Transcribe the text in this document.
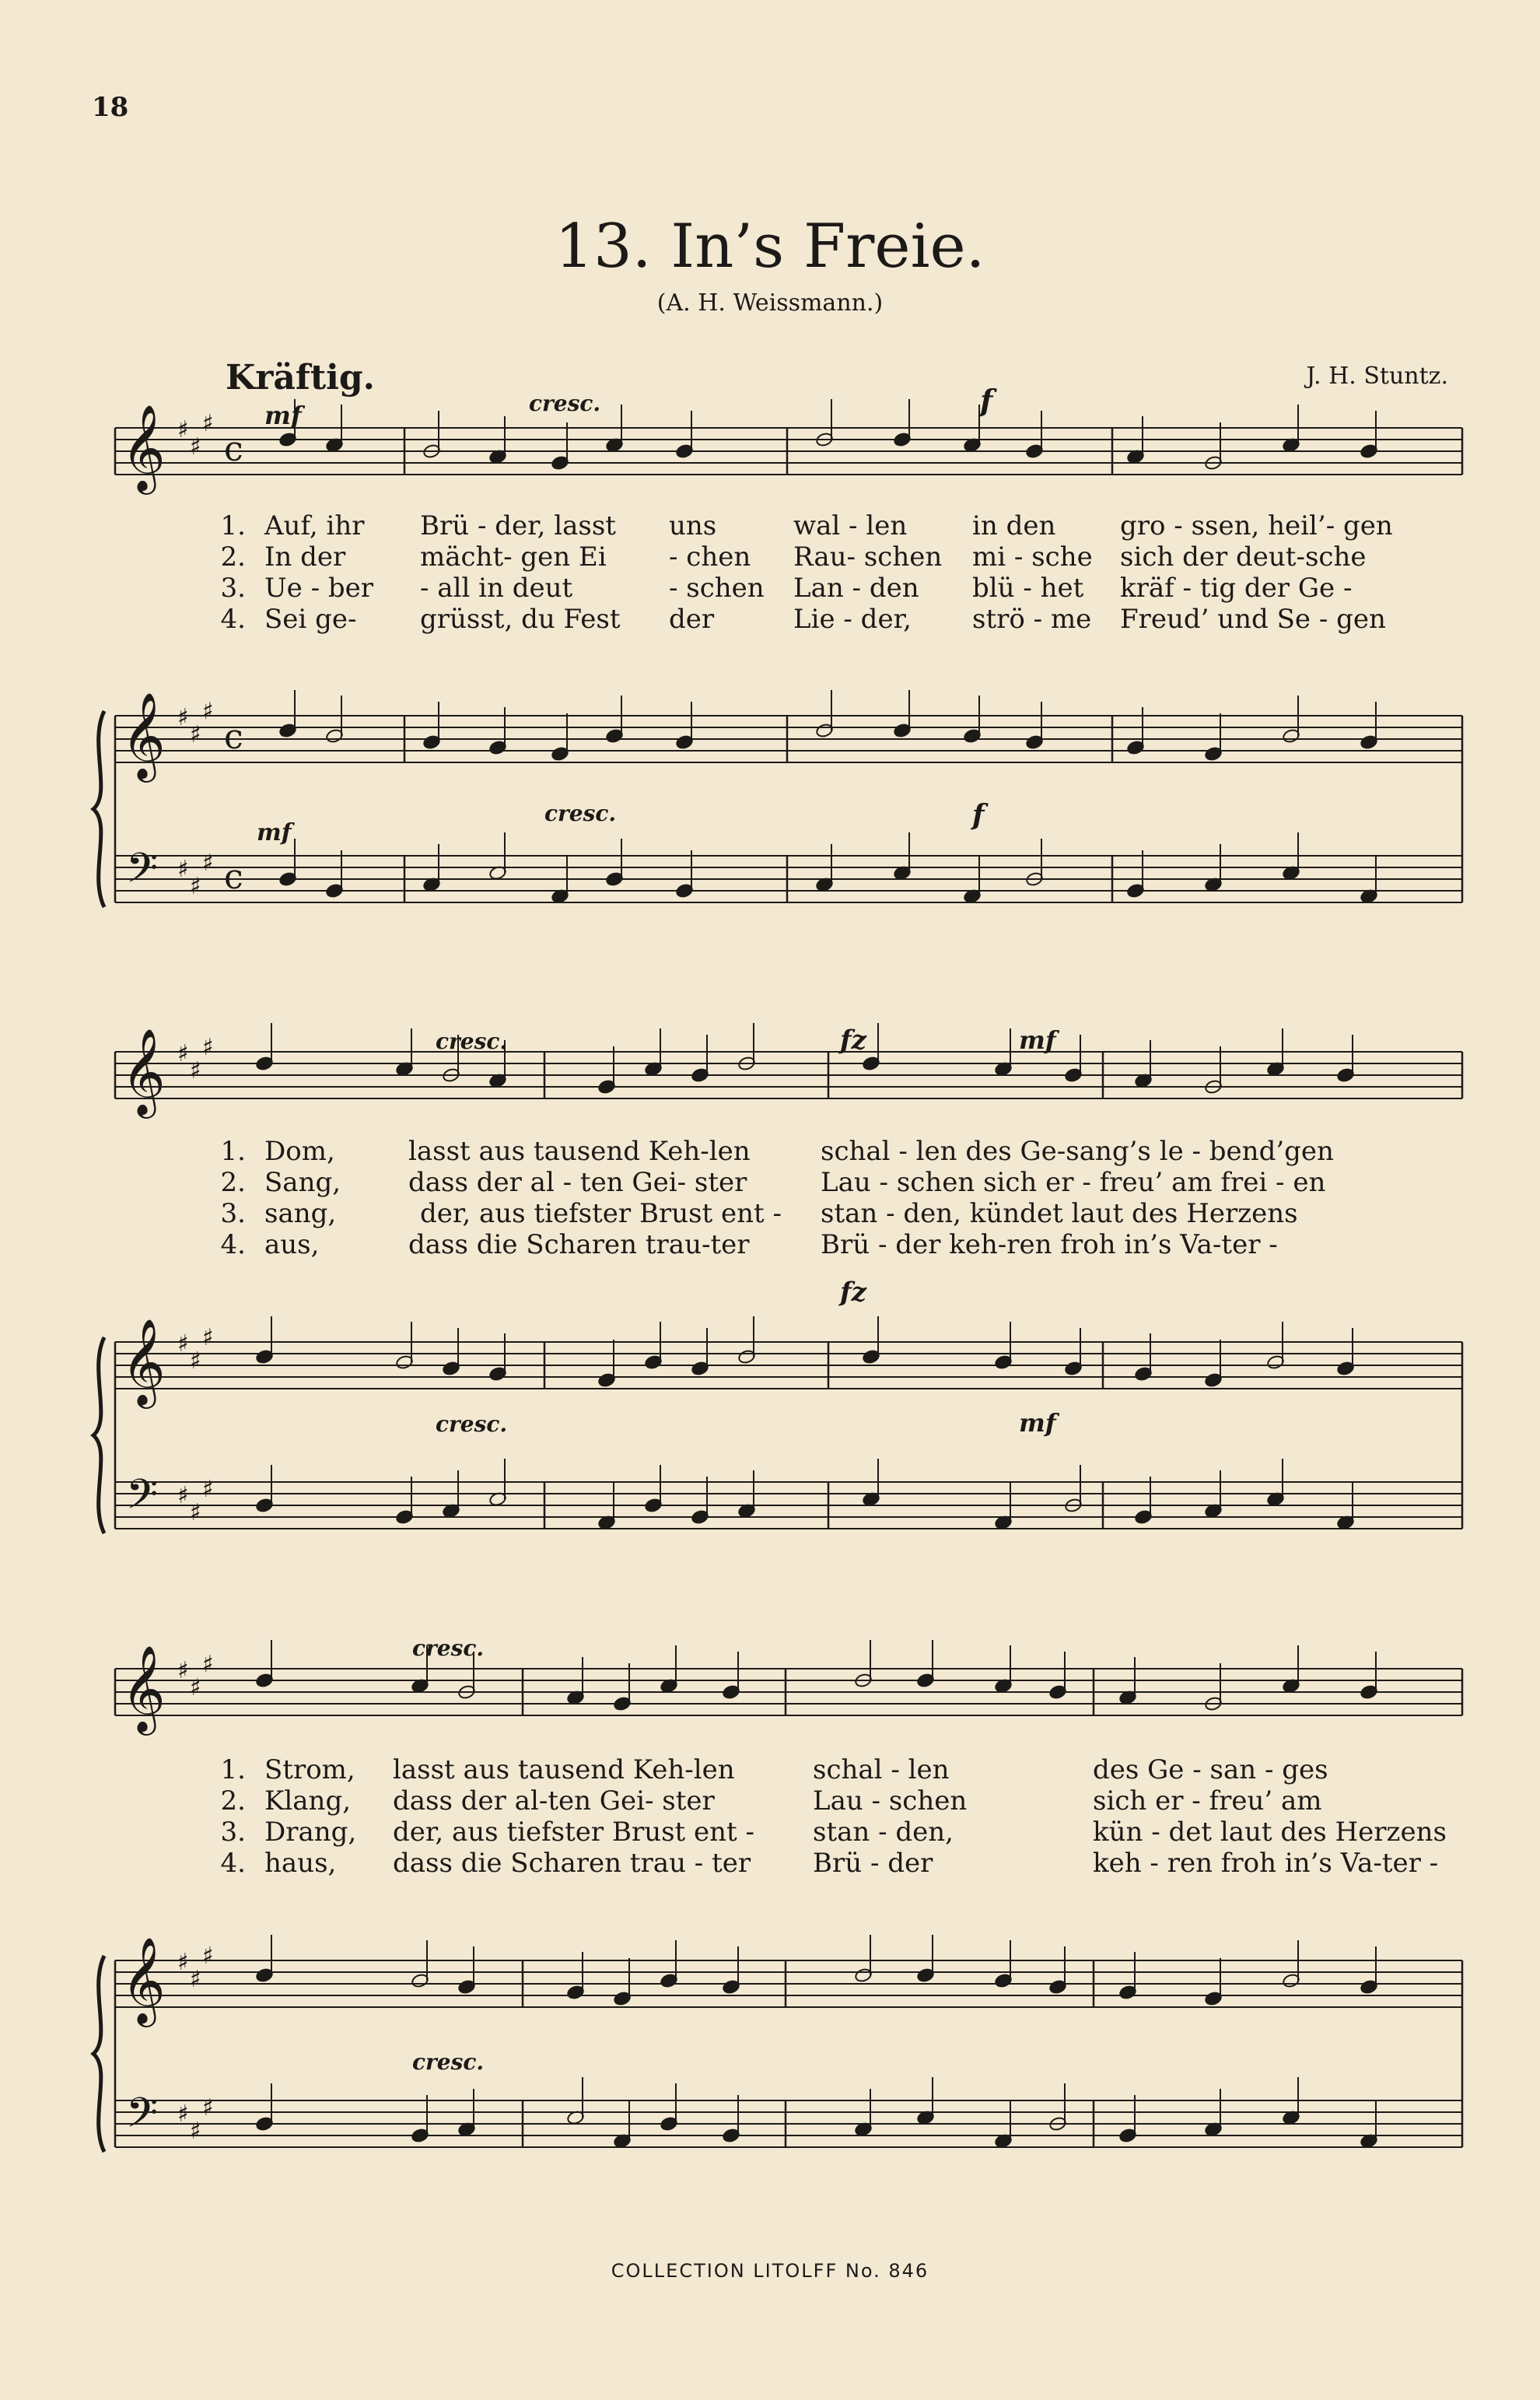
18
13. In’s Freie.
(A. H. Weissmann.)
Kräftig.	J. H. Stuntz.
𝄞
𝄞
𝄢
♯
♯
♯
♯
♯
♯
♯
♯
♯
c
c
c
𝄞
𝄞
𝄢
♯
♯
♯
♯
♯
♯
♯
♯
♯
𝄞
𝄞
𝄢
♯
♯
♯
♯
♯
♯
♯
♯
♯
mf	cresc.	f
mf
cresc.	f
cresc.	fz	mf
cresc.
fz
mf
cresc.
cresc.
1. Auf, ihr Brü - der, lasst uns	wal - len in den gro - ssen, heil’- gen
2. In der	mächt- gen Ei - chen Rau- schen mi - sche sich der deut-sche
3. Ue - ber - all in deut	- schen Lan - den blü - het kräf - tig der Ge -
4. Sei ge- grüsst, du Fest der	Lie - der, strö - me Freud’ und Se - gen
1. Dom,	lasst aus tausend Keh-len	schal - len des Ge-sang’s le - bend’gen
2. Sang,	dass der al - ten Gei- ster	Lau - schen sich er - freu’ am frei - en
3. sang,	der, aus tiefster Brust ent - stan - den, kündet laut des Herzens
4. aus,	dass die Scharen trau-ter	Brü - der keh-ren froh in’s Va-ter -
1. Strom, lasst aus tausend Keh-len	schal - len	des Ge - san - ges
2. Klang, dass der al-ten Gei- ster	Lau - schen	sich er - freu’ am
3. Drang, der, aus tiefster Brust ent - stan - den,	kün - det laut des Herzens
4. haus, dass die Scharen trau - ter Brü - der	keh - ren froh in’s Va-ter -
COLLECTION LITOLFF No. 846
